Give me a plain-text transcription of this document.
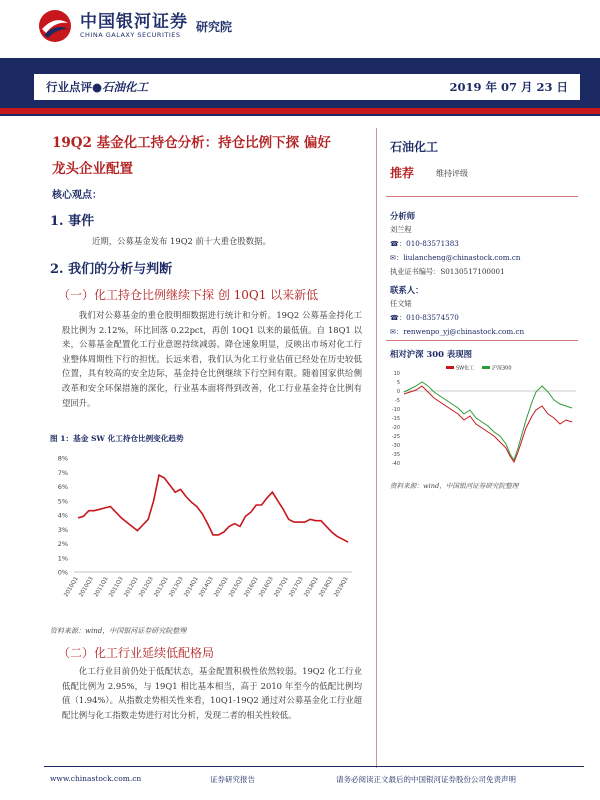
中国银河证券
CHINA GALAXY SECURITIES
研究院
行业点评●石油化工	2019 年 07 月 23 日
19Q2 基金化工持仓分析：持仓比例下探 偏好
龙头企业配置
核心观点：
1. 事件
近期，公募基金发布 19Q2 前十大重仓股数据。
2. 我们的分析与判断
（一）化工持仓比例继续下探 创 10Q1 以来新低
我们对公募基金的重仓股明细数据进行统计和分析。19Q2 公募基金持化工股比例为 2.12%，环比回落 0.22pct，再创 10Q1 以来的最低值。自 18Q1 以来，公募基金配置化工行业意愿持续减弱、降仓速象明显，反映出市场对化工行业整体周期性下行的担忧。长远来看，我们认为化工行业估值已经处在历史较低位置，具有较高的安全边际，基金持仓比例继续下行空间有限。随着国家供给侧改革和安全环保措施的深化，行业基本面将得到改善，化工行业基金持仓比例有望回升。
图 1：基金 SW 化工持仓比例变化趋势
0%
1%
2%
3%
4%
5%
6%
7%
8%
2010Q1
2010Q3
2011Q1
2011Q3
2012Q1
2012Q3
2013Q1
2013Q3
2014Q1
2014Q3
2015Q1
2015Q3
2016Q1
2016Q3
2017Q1
2017Q3
2018Q1
2018Q3
2019Q1
资料来源：wind，中国银河证券研究院整理
（二）化工行业延续低配格局
化工行业目前仍处于低配状态，基金配置积极性依然较弱。19Q2 化工行业低配比例为 2.95%，与 19Q1 相比基本相当，高于 2010 年至今的低配比例均值（1.94%）。从指数走势相关性来看，10Q1-19Q2 通过对公募基金化工行业超配比例与化工指数走势进行对比分析，发现二者的相关性较低。
石油化工
推荐	维持评级
分析师
刘兰程
☎：010-83571383
✉：liulancheng@chinastock.com.cn
执业证书编号：S0130517100001
联系人：
任文婊
☎：010-83574570
✉：renwenpo_yj@chinastock.com.cn
相对沪深 300 表现图
10
5
0
-5
-10
-15
-20
-25
-30
-35
-40
SW化工	沪深300
资料来源：wind，中国银河证券研究院整理
www.chinastock.com.cn	证券研究报告	请务必阅读正文最后的中国银河证券股份公司免责声明
